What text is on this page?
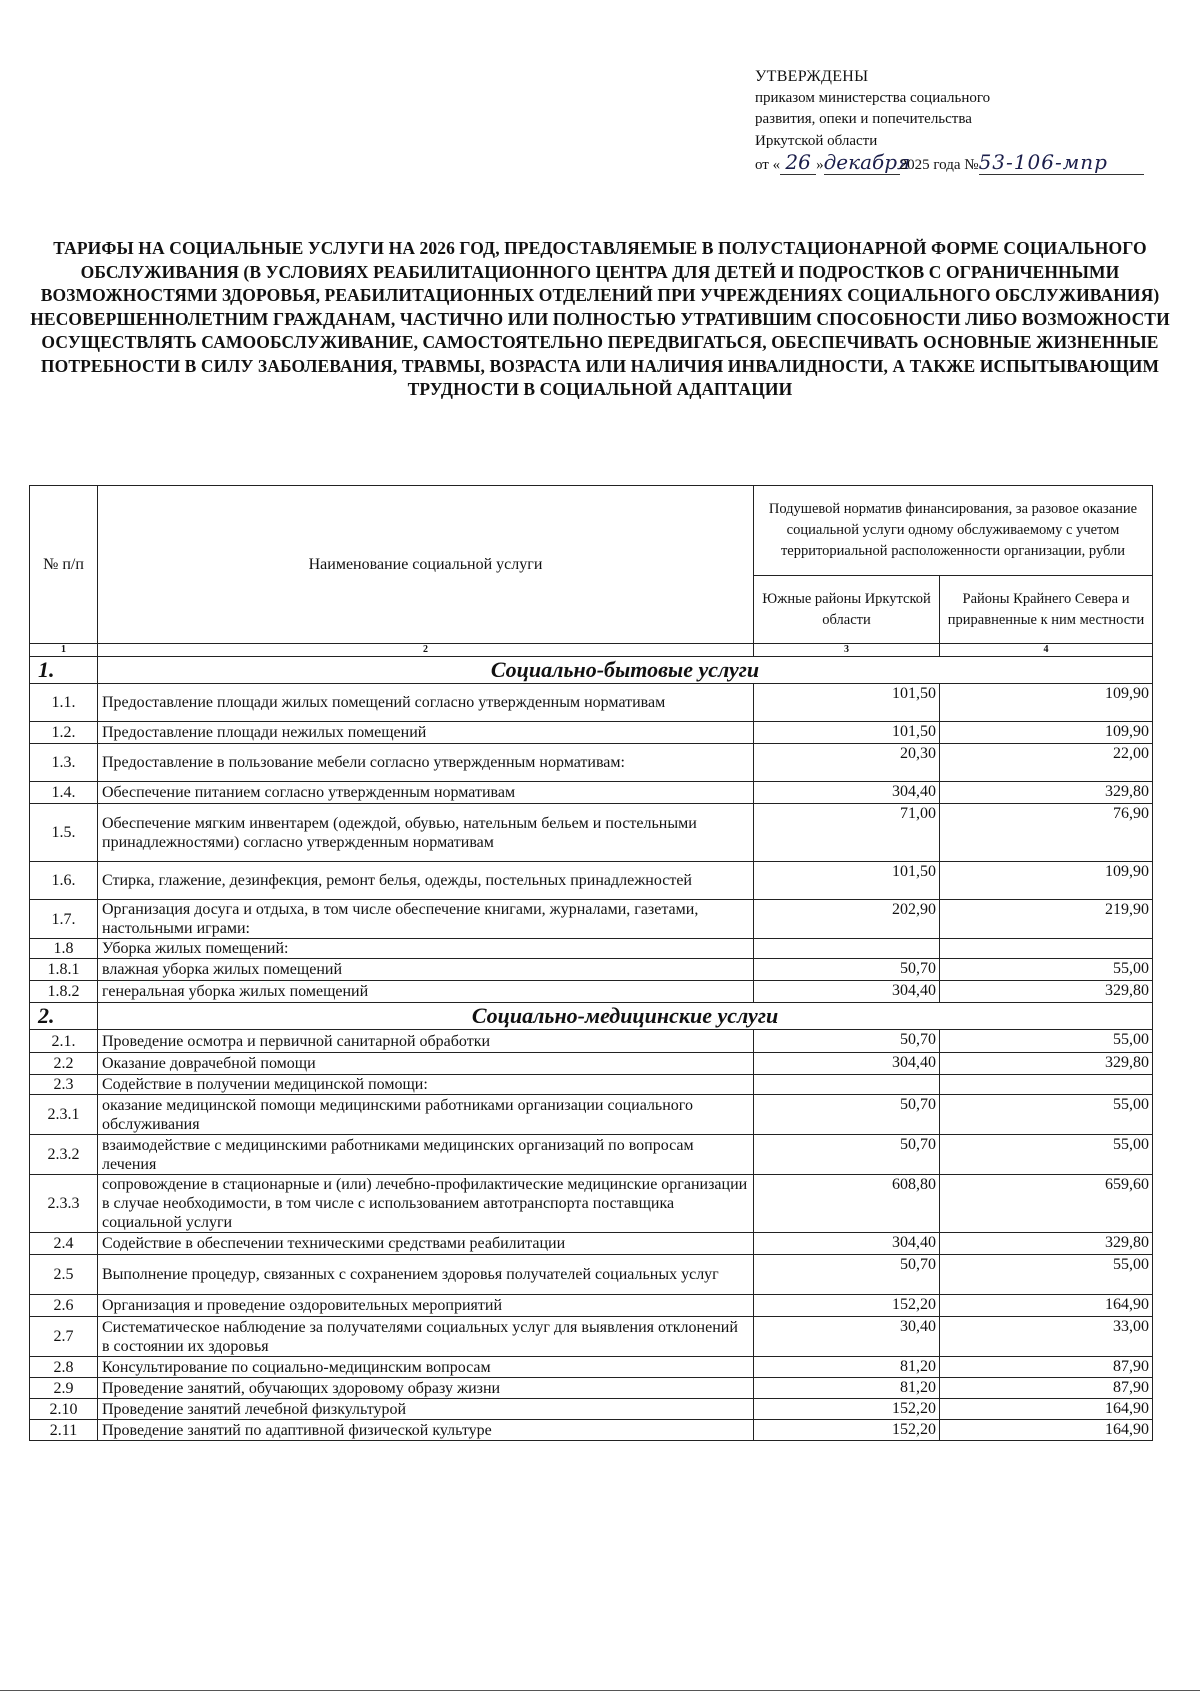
УТВЕРЖДЕНЫ
приказом министерства социального
развития, опеки и попечительства
Иркутской области
от « 26 »декабря2025 года №53-106-мпр
ТАРИФЫ НА СОЦИАЛЬНЫЕ УСЛУГИ НА 2026 ГОД, ПРЕДОСТАВЛЯЕМЫЕ В ПОЛУСТАЦИОНАРНОЙ ФОРМЕ СОЦИАЛЬНОГО ОБСЛУЖИВАНИЯ (В УСЛОВИЯХ РЕАБИЛИТАЦИОННОГО ЦЕНТРА ДЛЯ ДЕТЕЙ И ПОДРОСТКОВ С ОГРАНИЧЕННЫМИ ВОЗМОЖНОСТЯМИ ЗДОРОВЬЯ, РЕАБИЛИТАЦИОННЫХ ОТДЕЛЕНИЙ ПРИ УЧРЕЖДЕНИЯХ СОЦИАЛЬНОГО ОБСЛУЖИВАНИЯ) НЕСОВЕРШЕННОЛЕТНИМ ГРАЖДАНАМ, ЧАСТИЧНО ИЛИ ПОЛНОСТЬЮ УТРАТИВШИМ СПОСОБНОСТИ ЛИБО ВОЗМОЖНОСТИ ОСУЩЕСТВЛЯТЬ САМООБСЛУЖИВАНИЕ, САМОСТОЯТЕЛЬНО ПЕРЕДВИГАТЬСЯ, ОБЕСПЕЧИВАТЬ ОСНОВНЫЕ ЖИЗНЕННЫЕ ПОТРЕБНОСТИ В СИЛУ ЗАБОЛЕВАНИЯ, ТРАВМЫ, ВОЗРАСТА ИЛИ НАЛИЧИЯ ИНВАЛИДНОСТИ, А ТАКЖЕ ИСПЫТЫВАЮЩИМ ТРУДНОСТИ В СОЦИАЛЬНОЙ АДАПТАЦИИ
№ п/п	Наименование социальной услуги	Подушевой норматив финансирования, за разовое оказание социальной услуги одному обслуживаемому с учетом территориальной расположенности организации, рубли	
		Южные районы Иркутской области	Районы Крайнего Севера и приравненные к ним местности
1	2	3	4
1.	Социально-бытовые услуги		
1.1.	Предоставление площади жилых помещений согласно утвержденным нормативам	101,50	109,90
1.2.	Предоставление площади нежилых помещений	101,50	109,90
1.3.	Предоставление в пользование мебели согласно утвержденным нормативам:	20,30	22,00
1.4.	Обеспечение питанием согласно утвержденным нормативам	304,40	329,80
1.5.	Обеспечение мягким инвентарем (одеждой, обувью, нательным бельем и постельными принадлежностями) согласно утвержденным нормативам	71,00	76,90
1.6.	Стирка, глажение, дезинфекция, ремонт белья, одежды, постельных принадлежностей	101,50	109,90
1.7.	Организация досуга и отдыха, в том числе обеспечение книгами, журналами, газетами, настольными играми:	202,90	219,90
1.8	Уборка жилых помещений:		
1.8.1	влажная уборка жилых помещений	50,70	55,00
1.8.2	генеральная уборка жилых помещений	304,40	329,80
2.	Социально-медицинские услуги		
2.1.	Проведение осмотра и первичной санитарной обработки	50,70	55,00
2.2	Оказание доврачебной помощи	304,40	329,80
2.3	Содействие в получении медицинской помощи:		
2.3.1	оказание медицинской помощи медицинскими работниками организации социального обслуживания	50,70	55,00
2.3.2	взаимодействие с медицинскими работниками медицинских организаций по вопросам лечения	50,70	55,00
2.3.3	сопровождение в стационарные и (или) лечебно-профилактические медицинские организации в случае необходимости, в том числе с использованием автотранспорта поставщика социальной услуги	608,80	659,60
2.4	Содействие в обеспечении техническими средствами реабилитации	304,40	329,80
2.5	Выполнение процедур, связанных с сохранением здоровья получателей социальных услуг	50,70	55,00
2.6	Организация и проведение оздоровительных мероприятий	152,20	164,90
2.7	Систематическое наблюдение за получателями социальных услуг для выявления отклонений в состоянии их здоровья	30,40	33,00
2.8	Консультирование по социально-медицинским вопросам	81,20	87,90
2.9	Проведение занятий, обучающих здоровому образу жизни	81,20	87,90
2.10	Проведение занятий лечебной физкультурой	152,20	164,90
2.11	Проведение занятий по адаптивной физической культуре	152,20	164,90
